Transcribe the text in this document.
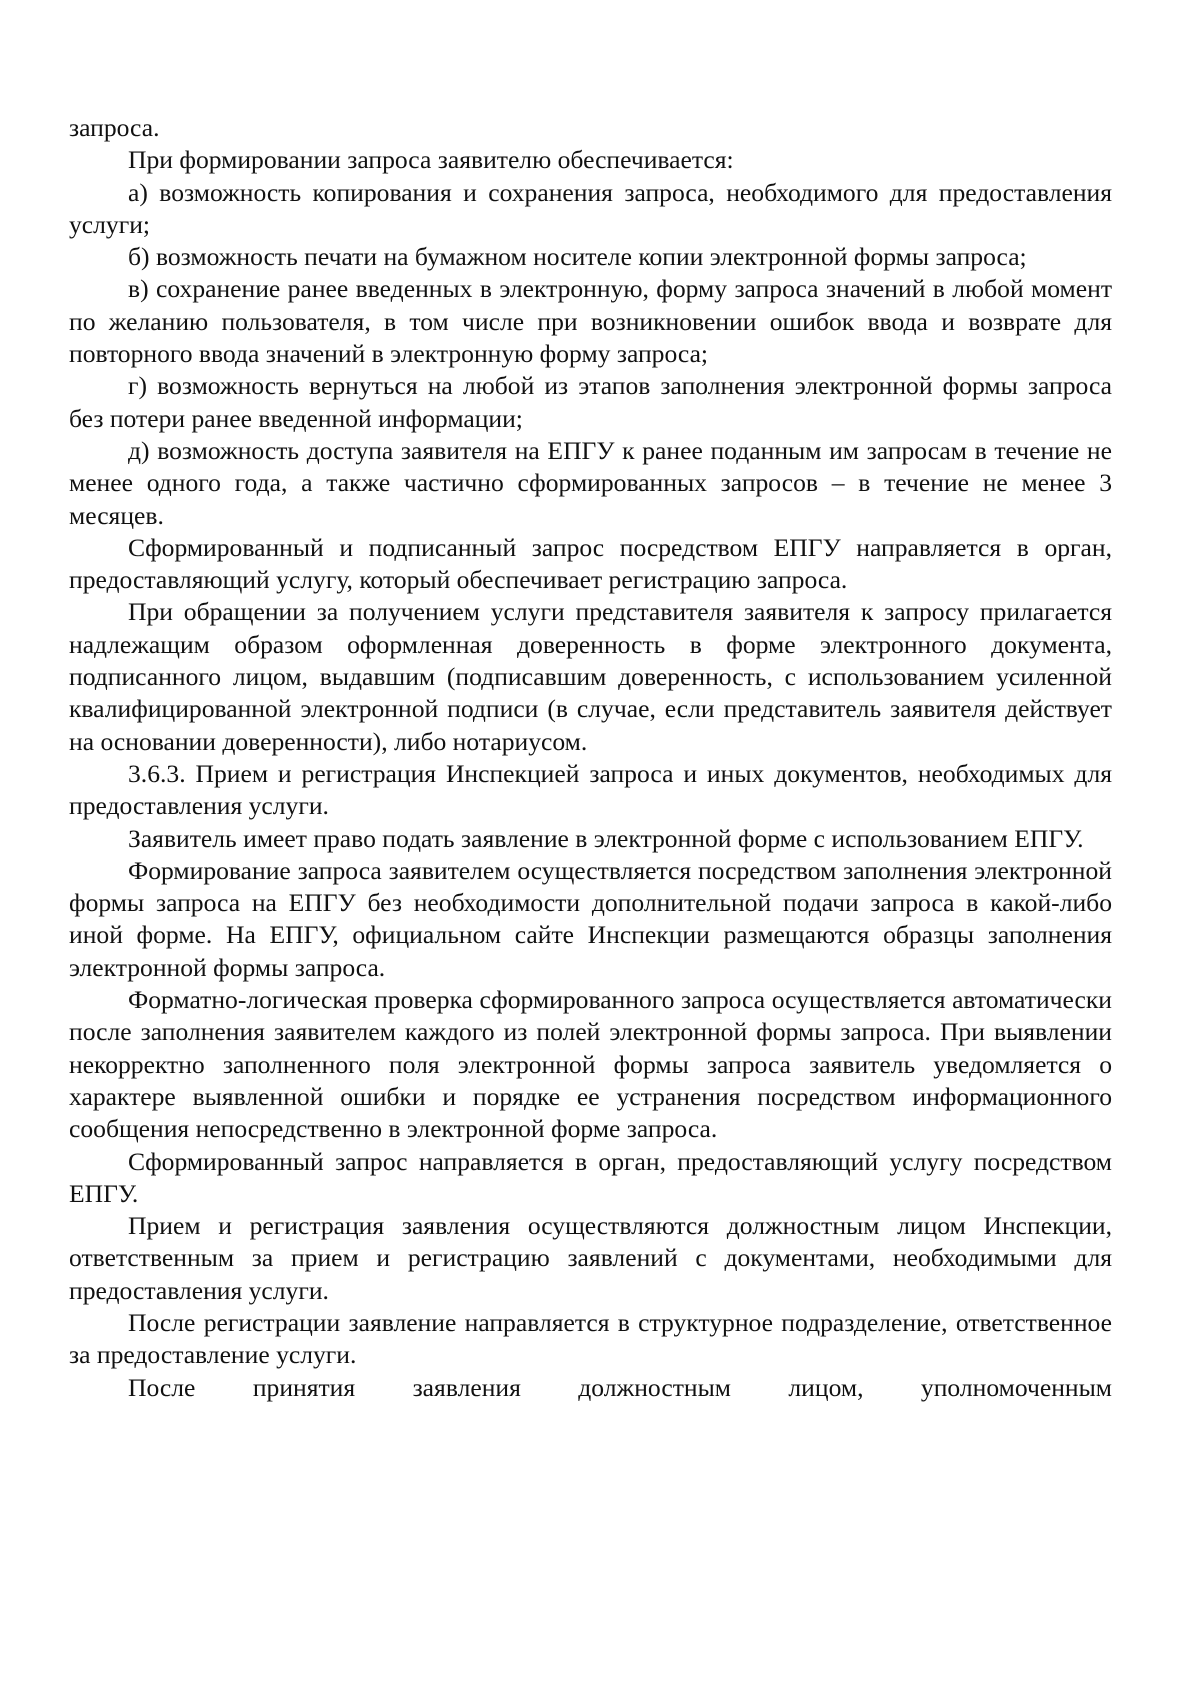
запроса.

При формировании запроса заявителю обеспечивается:

а) возможность копирования и сохранения запроса, необходимого для предоставления услуги;

б) возможность печати на бумажном носителе копии электронной формы запроса;

в) сохранение ранее введенных в электронную, форму запроса значений в любой момент по желанию пользователя, в том числе при возникновении ошибок ввода и возврате для повторного ввода значений в электронную форму запроса;

г) возможность вернуться на любой из этапов заполнения электронной формы запроса без потери ранее введенной информации;

д) возможность доступа заявителя на ЕПГУ к ранее поданным им запросам в течение не менее одного года, а также частично сформированных запросов – в течение не менее 3 месяцев.

Сформированный и подписанный запрос посредством ЕПГУ направляется в орган, предоставляющий услугу, который обеспечивает регистрацию запроса.

При обращении за получением услуги представителя заявителя к запросу прилагается надлежащим образом оформленная доверенность в форме электронного документа, подписанного лицом, выдавшим (подписавшим доверенность, с использованием усиленной квалифицированной электронной подписи (в случае, если представитель заявителя действует на основании доверенности), либо нотариусом.

3.6.3. Прием и регистрация Инспекцией запроса и иных документов, необходимых для предоставления услуги.

Заявитель имеет право подать заявление в электронной форме с использованием ЕПГУ.

Формирование запроса заявителем осуществляется посредством заполнения электронной формы запроса на ЕПГУ без необходимости дополнительной подачи запроса в какой-либо иной форме. На ЕПГУ, официальном сайте Инспекции размещаются образцы заполнения электронной формы запроса.

Форматно-логическая проверка сформированного запроса осуществляется автоматически после заполнения заявителем каждого из полей электронной формы запроса. При выявлении некорректно заполненного поля электронной формы запроса заявитель уведомляется о характере выявленной ошибки и порядке ее устранения посредством информационного сообщения непосредственно в электронной форме запроса.

Сформированный запрос направляется в орган, предоставляющий услугу посредством ЕПГУ.

Прием и регистрация заявления осуществляются должностным лицом Инспекции, ответственным за прием и регистрацию заявлений с документами, необходимыми для предоставления услуги.

После регистрации заявление направляется в структурное подразделение, ответственное за предоставление услуги.

После принятия заявления должностным лицом, уполномоченным
